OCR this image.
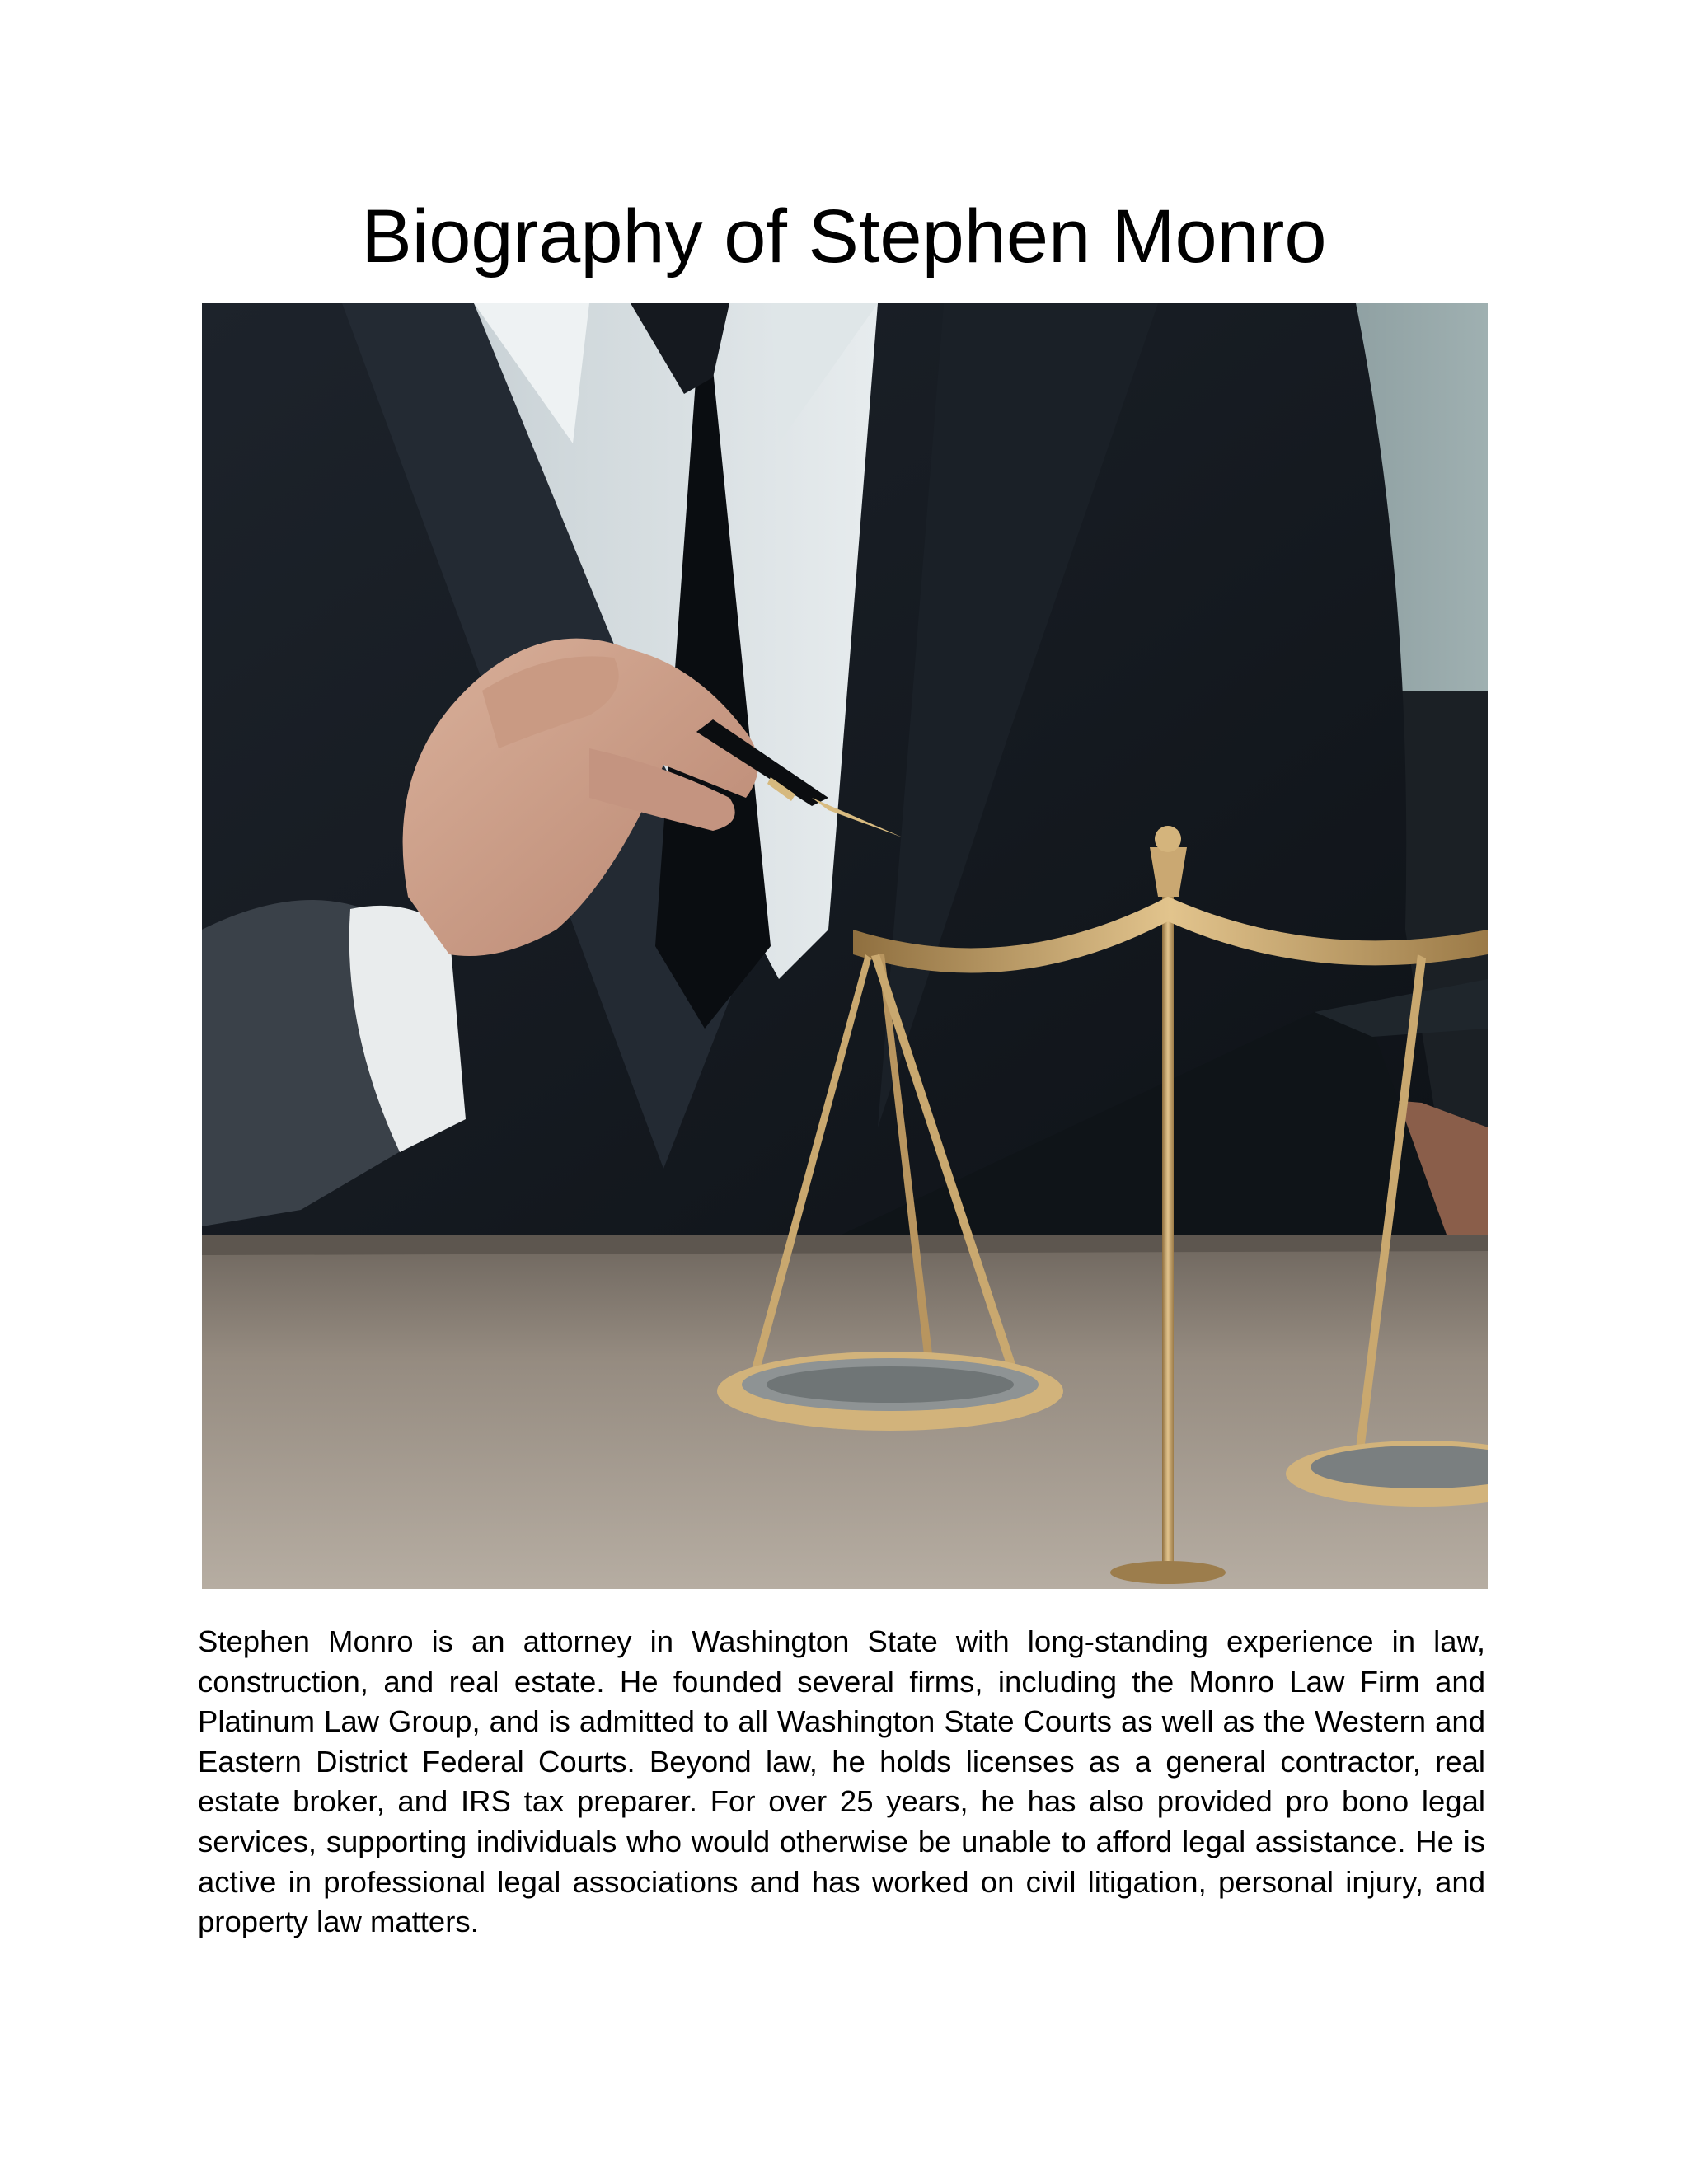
Biography of Stephen Monro

Stephen Monro is an attorney in Washington State with long-standing experience in law, construction, and real estate. He founded several firms, including the Monro Law Firm and Platinum Law Group, and is admitted to all Washington State Courts as well as the Western and Eastern District Federal Courts. Beyond law, he holds licenses as a general contractor, real estate broker, and IRS tax preparer. For over 25 years, he has also provided pro bono legal services, supporting individuals who would otherwise be unable to afford legal assistance. He is active in professional legal associations and has worked on civil litigation, personal injury, and property law matters.
